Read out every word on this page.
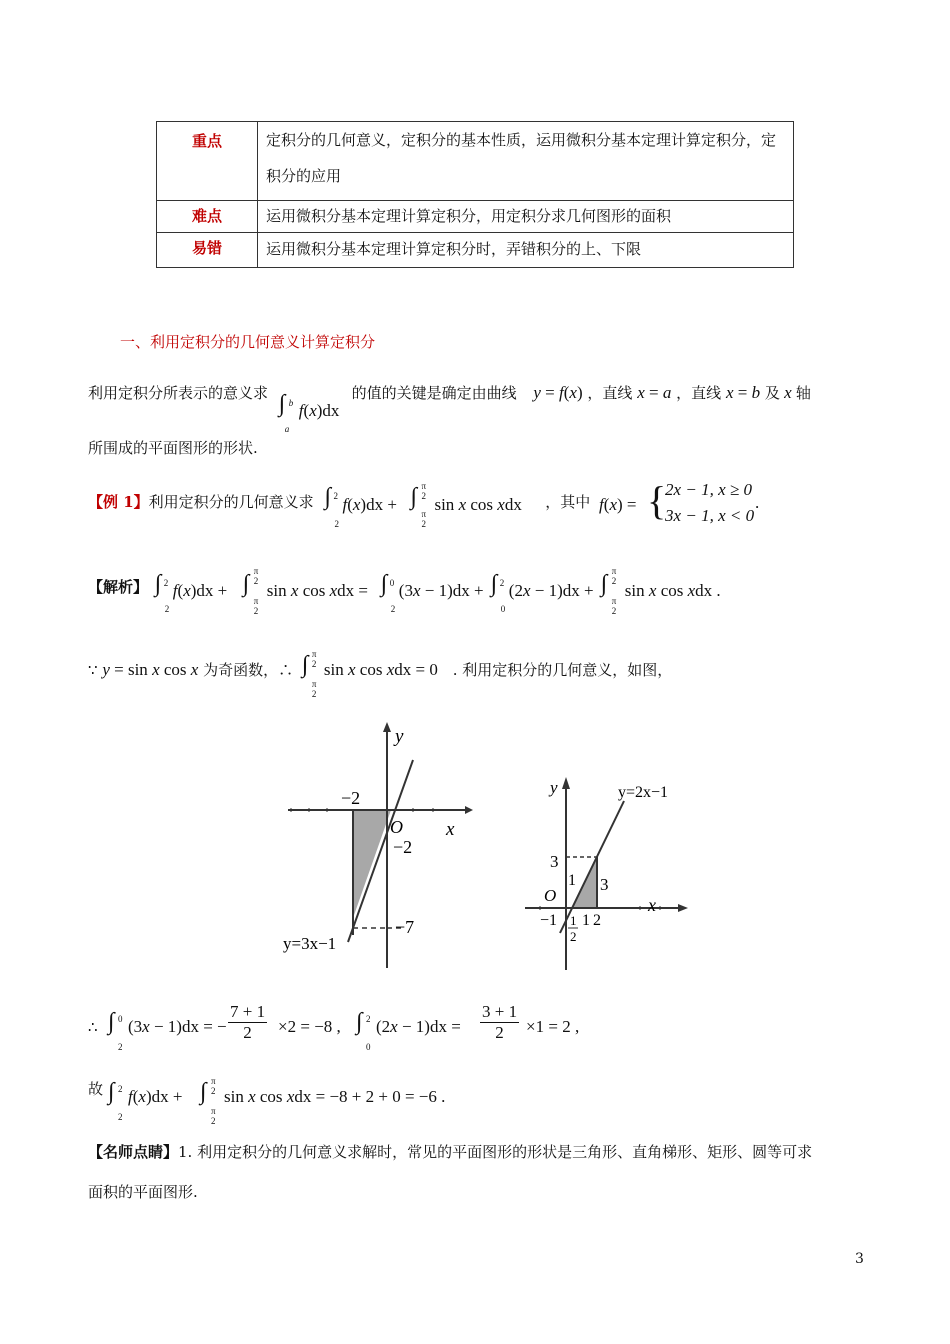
重点	定积分的几何意义，定积分的基本性质，运用微积分基本定理计算定积分，定积分的应用
难点	运用微积分基本定理计算定积分，用定积分求几何图形的面积
易错	运用微积分基本定理计算定积分时，弄错积分的上、下限
一、利用定积分的几何意义计算定积分
利用定积分所表示的意义求 ∫ b
a
f(x)dx
的值的关键是确定由曲线 y = f(x) ，直线 x = a ，直线 x = b 及 x 轴
所围成的平面图形的形状.
【例 1】利用定积分的几何意义求 ∫ 2
2
f(x)dx + ∫ π
2
π
2
sin x cos xdx ，其中 f(x) = {
2x − 1, x ≥ 0
3x − 1, x < 0
.
【解析】 ∫ 2
2
f(x)dx + ∫ π
2
π
2
sin x cos xdx = ∫ 0
2
(3x − 1)dx + ∫ 2
0
(2x − 1)dx + ∫ π
2
π
2
sin x cos xdx .
∵ y = sin x cos x 为奇函数，∴ ∫ π
2
π
2
sin x cos xdx = 0 . 利用定积分的几何意义，如图，
y
x
O
−2
−2
−7
y=3x−1
y
x
O
y=2x−1
3
3
1
−1 1 2
1
2
∴ ∫ 0
2
(3x − 1)dx = − $\frac{7 + 1}{2} \times 2 = -8$ , ∫ 2
0
$(2x - 1)dx = \frac{3 + 1}{2} \times 1 = 2$ ,
故 ∫ 2
2
f(x)dx + ∫ π
2
π
2
sin x cos xdx = −8 + 2 + 0 = −6 .
【名师点睛】1. 利用定积分的几何意义求解时，常见的平面图形的形状是三角形、直角梯形、矩形、圆等可求
面积的平面图形.
3
